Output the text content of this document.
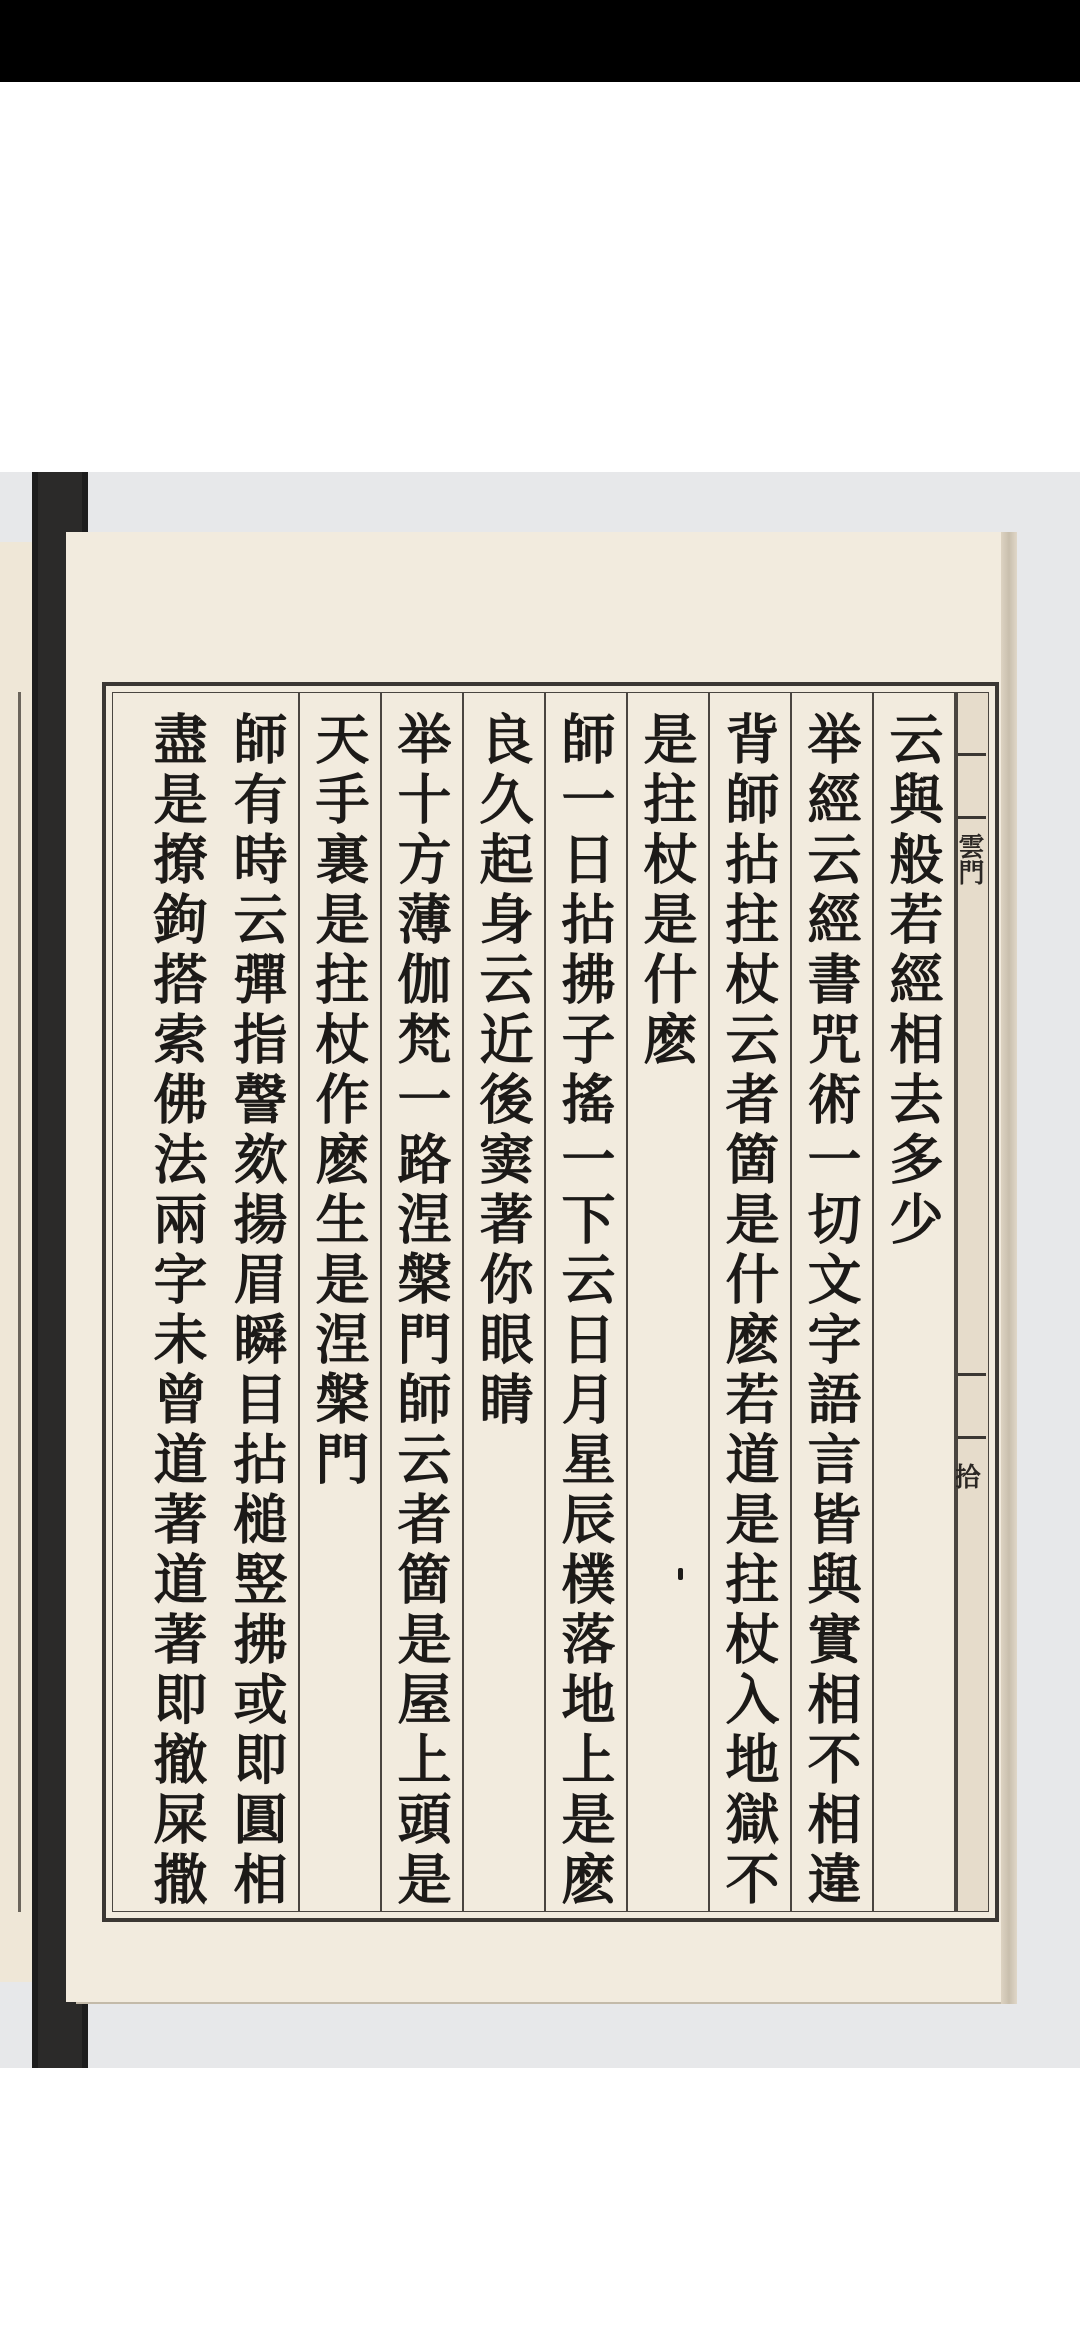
雲門
拾
云與般若經相去多少
举經云經書咒術一切文字語言皆與實相不相違
背師拈拄杖云者箇是什麽若道是拄杖入地獄不
是拄杖是什麽
師一日拈拂子搖一下云日月星辰樸落地上是麽
良久起身云近後窦著你眼睛
举十方薄伽梵一路涅槃門師云者箇是屋上頭是
天手裏是拄杖作麽生是涅槃門
師有時云彈指謦欬揚眉瞬目拈槌竪拂或即圓相
盡是撩鉤搭索佛法兩字未曾道著道著即撤屎撒
